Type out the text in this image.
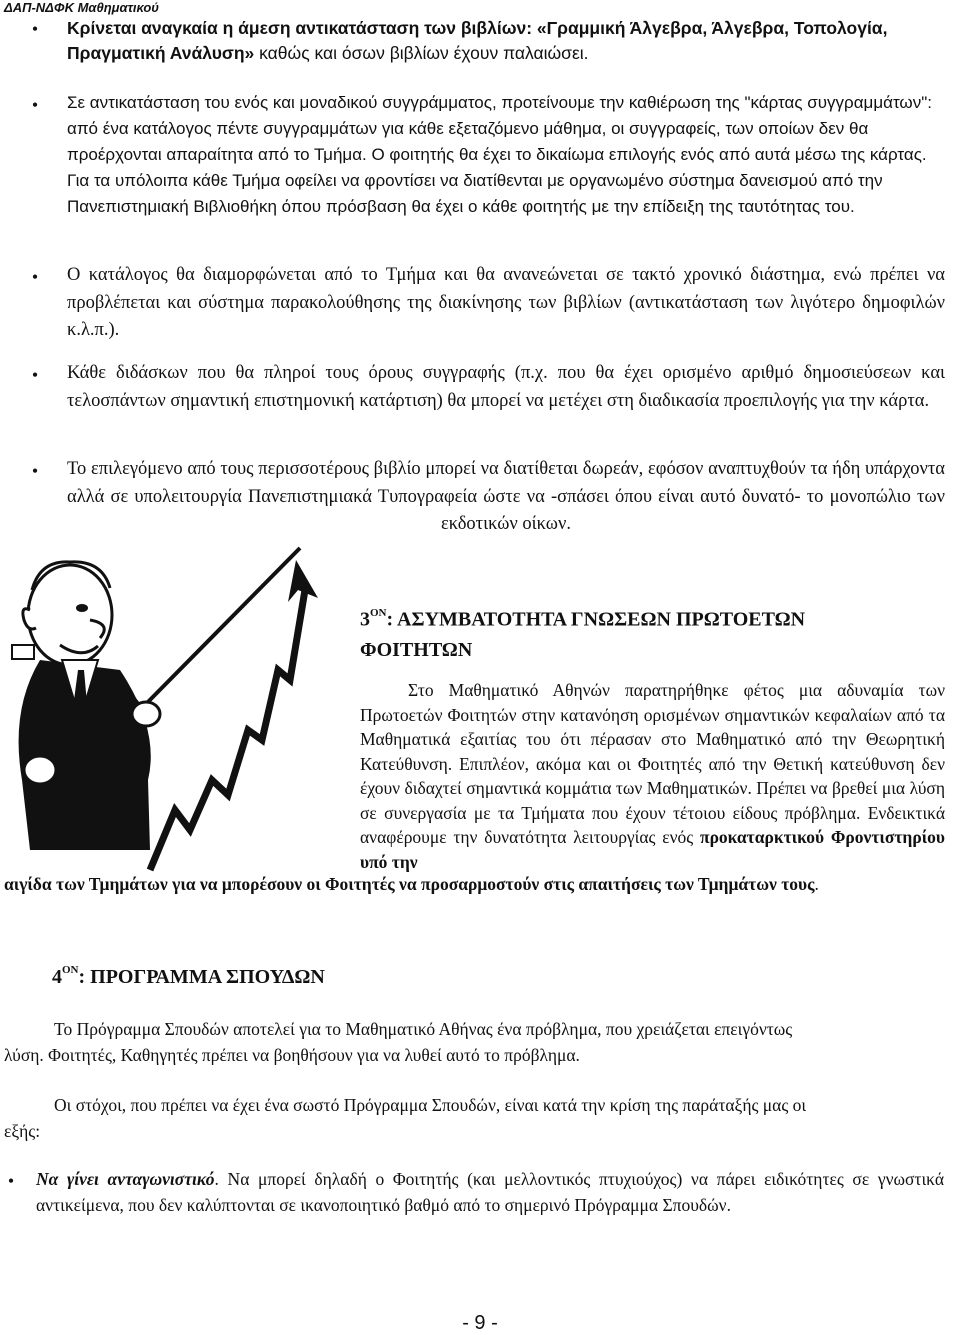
ΔΑΠ-ΝΔΦΚ Μαθηματικού
• Κρίνεται αναγκαία η άμεση αντικατάσταση των βιβλίων: «Γραμμική Άλγεβρα, Άλγεβρα, Τοπολογία,
Πραγματική Ανάλυση» καθώς και όσων βιβλίων έχουν παλαιώσει.
• Σε αντικατάσταση του ενός και μοναδικού συγγράμματος, προτείνουμε την καθιέρωση της "κάρτας συγγραμμάτων": από ένα κατάλογος πέντε συγγραμμάτων για κάθε εξεταζόμενο μάθημα, οι συγγραφείς, των οποίων δεν θα προέρχονται απαραίτητα από το Τμήμα. Ο φοιτητής θα έχει το δικαίωμα επιλογής ενός από αυτά μέσω της κάρτας. Για τα υπόλοιπα κάθε Τμήμα οφείλει να φροντίσει να διατίθενται με οργανωμένο σύστημα δανεισμού από την Πανεπιστημιακή Βιβλιοθήκη όπου πρόσβαση θα έχει ο κάθε φοιτητής με την επίδειξη της ταυτότητας του.
• Ο κατάλογος θα διαμορφώνεται από το Τμήμα και θα ανανεώνεται σε τακτό χρονικό διάστημα, ενώ πρέπει να προβλέπεται και σύστημα παρακολούθησης της διακίνησης των βιβλίων (αντικατάσταση των λιγότερο δημοφιλών κ.λ.π.).
• Κάθε διδάσκων που θα πληροί τους όρους συγγραφής (π.χ. που θα έχει ορισμένο αριθμό δημοσιεύσεων και τελοσπάντων σημαντική επιστημονική κατάρτιση) θα μπορεί να μετέχει στη διαδικασία προεπιλογής για την κάρτα.
• Το επιλεγόμενο από τους περισσοτέρους βιβλίο μπορεί να διατίθεται δωρεάν, εφόσον αναπτυχθούν τα ήδη υπάρχοντα αλλά σε υπολειτουργία Πανεπιστημιακά Τυπογραφεία ώστε να -σπάσει όπου είναι αυτό δυνατό- το μονοπώλιο των εκδοτικών οίκων.
$3^{ON}$: ΑΣΥΜΒΑΤΟΤΗΤΑ ΓΝΩΣΕΩΝ ΠΡΩΤΟΕΤΩΝ
ΦΟΙΤΗΤΩΝ
Στο Μαθηματικό Αθηνών παρατηρήθηκε φέτος μια αδυναμία των Πρωτοετών Φοιτητών στην κατανόηση ορισμένων σημαντικών κεφαλαίων από τα Μαθηματικά εξαιτίας του ότι πέρασαν στο Μαθηματικό από την Θεωρητική Κατεύθυνση. Επιπλέον, ακόμα και οι Φοιτητές από την Θετική κατεύθυνση δεν έχουν διδαχτεί σημαντικά κομμάτια των Μαθηματικών. Πρέπει να βρεθεί μια λύση σε συνεργασία με τα Τμήματα που έχουν τέτοιου είδους πρόβλημα. Ενδεικτικά αναφέρουμε την δυνατότητα λειτουργίας ενός προκαταρκτικού Φροντιστηρίου υπό την
αιγίδα των Τμημάτων για να μπορέσουν οι Φοιτητές να προσαρμοστούν στις απαιτήσεις των Τμημάτων τους.
$4^{ON}$: ΠΡΟΓΡΑΜΜΑ ΣΠΟΥΔΩΝ
Το Πρόγραμμα Σπουδών αποτελεί για το Μαθηματικό Αθήνας ένα πρόβλημα, που χρειάζεται επειγόντως
λύση. Φοιτητές, Καθηγητές πρέπει να βοηθήσουν για να λυθεί αυτό το πρόβλημα.
Οι στόχοι, που πρέπει να έχει ένα σωστό Πρόγραμμα Σπουδών, είναι κατά την κρίση της παράταξής μας οι
εξής:
• Να γίνει ανταγωνιστικό. Να μπορεί δηλαδή ο Φοιτητής (και μελλοντικός πτυχιούχος) να πάρει ειδικότητες σε γνωστικά αντικείμενα, που δεν καλύπτονται σε ικανοποιητικό βαθμό από το σημερινό Πρόγραμμα Σπουδών.
- 9 -
